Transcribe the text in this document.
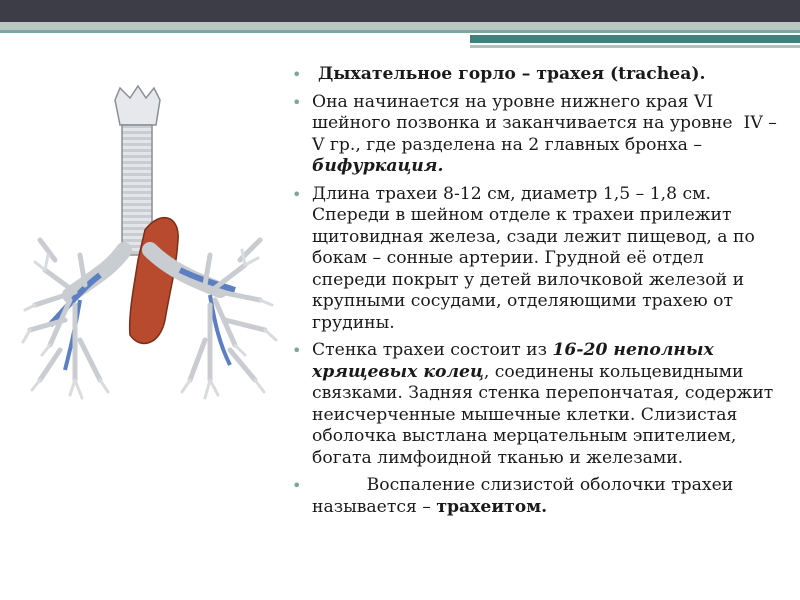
•  Дыхательное горло – трахея (trachea).
• Она начинается на уровне нижнего края VI шейного позвонка и заканчивается на уровне  IV – V гр., где разделена на 2 главных бронха – бифуркация.
• Длина трахеи 8-12 см, диаметр 1,5 – 1,8 см. Спереди в шейном отделе к трахеи прилежит щитовидная железа, сзади лежит пищевод, а по бокам – сонные артерии. Грудной её отдел спереди покрыт у детей вилочковой железой и крупными сосудами, отделяющими трахею от грудины.
• Стенка трахеи состоит из 16-20 неполных хрящевых колец, соединены кольцевидными связками. Задняя стенка перепончатая, содержит неисчерченные мышечные клетки. Слизистая оболочка выстлана мерцательным эпителием, богата лимфоидной тканью и железами.
•           Воспаление слизистой оболочки трахеи называется – трахеитом.
